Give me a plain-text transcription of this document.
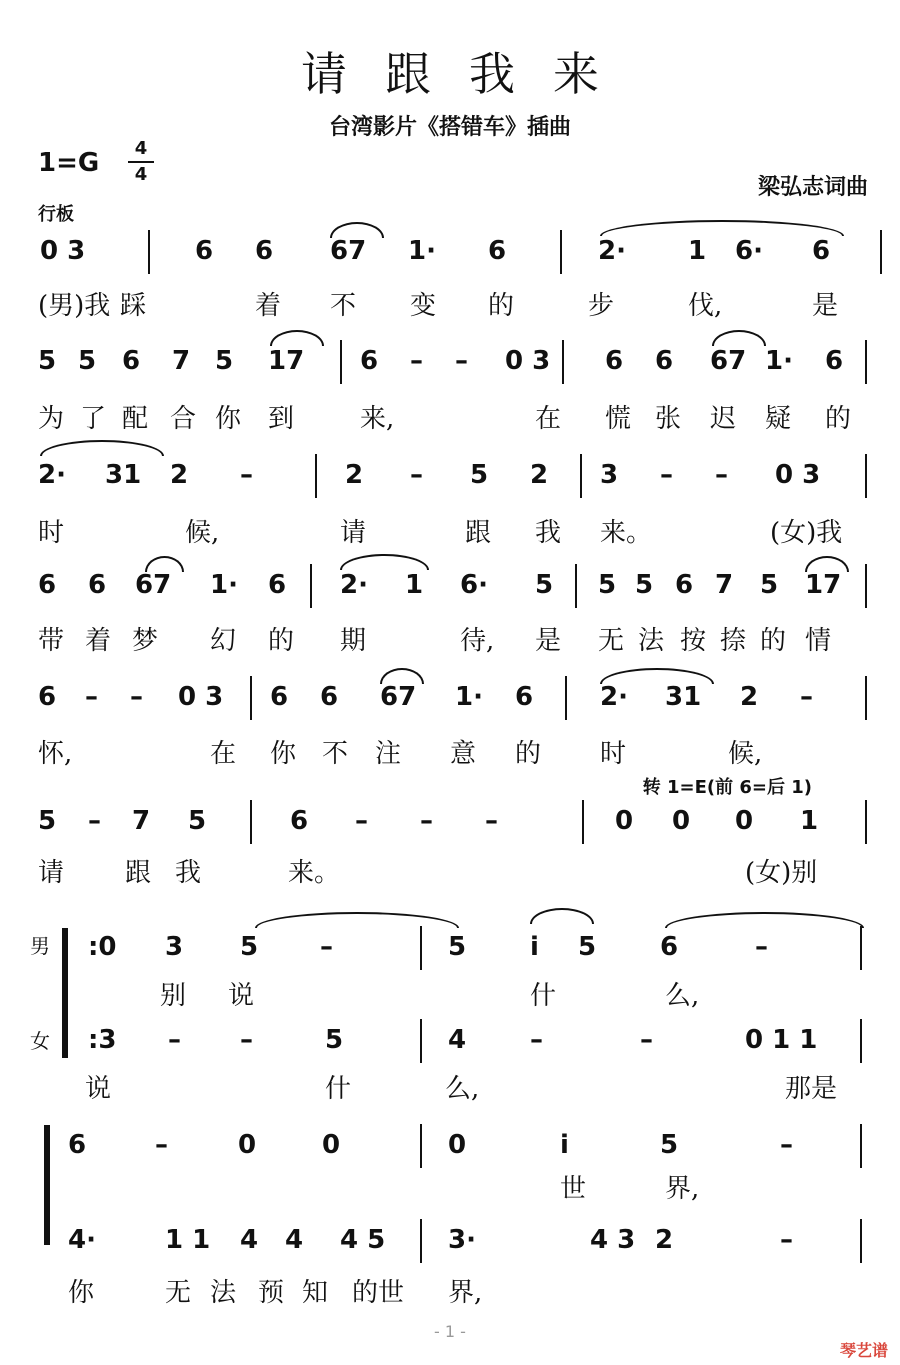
请跟我来
台湾影片《搭错车》插曲
1=G	4
4
梁弘志词曲
行板
转 1=E(前 6=后 1)
0 3	6 6 67 1· 6	2· 1 6· 6
(男)我 踩	着 不 变 的	步	伐,	是
5 5 6 7 5 17 6 – – 0 3 6 6 67 1· 6
为 了 配 合 你 到	来,	在 慌 张 迟 疑 的
2· 31 2 –	2 – 5 2 3 – – 0 3
时	候,	请	跟 我 来。	(女)我
6 6 67 1· 6 2· 1 6· 5 5 5 6 7 5 17
带 着 梦 幻 的 期	待, 是 无 法 按 捺 的 情
6 – – 0 3 6 6 67 1· 6	2· 31 2 –
怀,	在 你 不 注 意 的 时	候,
5 – 7 5	6 – – –	0 0 0 1
请 跟 我	来。	(女)别
:0 3 5 –	5 i 5 6	–
别 说	什	么,
:3 – –	5	4 –	–	0 1 1
说	什	么,	那是
6	–	0	0	0	i	5	–
世	界,
4·	1 1 4 4 4 5 3·	4 3 2	–
你	无 法 预 知 的世 界,
男
女
- 1 -
琴艺谱
